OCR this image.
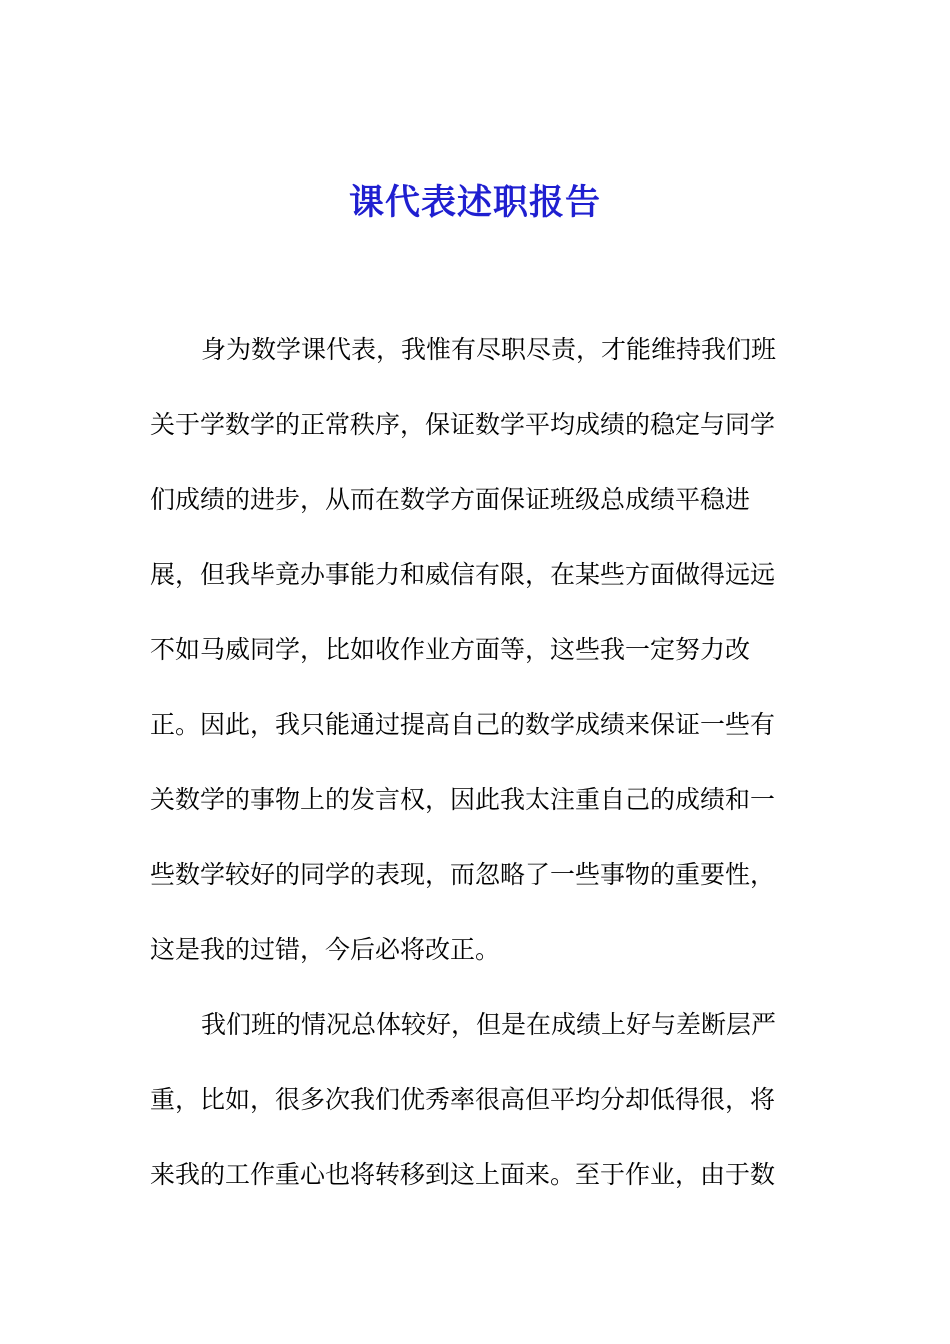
课代表述职报告
身为数学课代表，我惟有尽职尽责，才能维持我们班
关于学数学的正常秩序，保证数学平均成绩的稳定与同学
们成绩的进步，从而在数学方面保证班级总成绩平稳进
展，但我毕竟办事能力和威信有限，在某些方面做得远远
不如马威同学，比如收作业方面等，这些我一定努力改
正。因此，我只能通过提高自己的数学成绩来保证一些有
关数学的事物上的发言权，因此我太注重自己的成绩和一
些数学较好的同学的表现，而忽略了一些事物的重要性，
这是我的过错，今后必将改正。
我们班的情况总体较好，但是在成绩上好与差断层严
重，比如，很多次我们优秀率很高但平均分却低得很，将
来我的工作重心也将转移到这上面来。至于作业，由于数
